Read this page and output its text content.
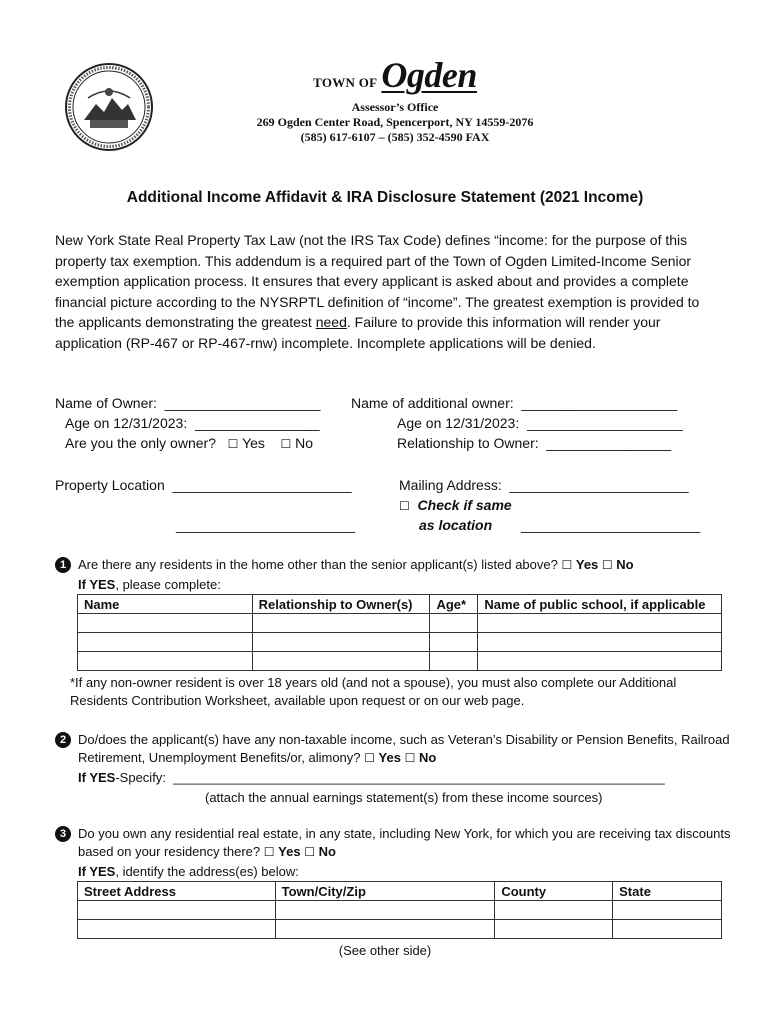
TOWN OF Ogden
Assessor’s Office
269 Ogden Center Road, Spencerport, NY 14559-2076
(585) 617-6107 – (585) 352-4590 FAX
Additional Income Affidavit & IRA Disclosure Statement (2021 Income)
New York State Real Property Tax Law (not the IRS Tax Code) defines “income: for the purpose of this property tax exemption. This addendum is a required part of the Town of Ogden Limited-Income Senior exemption application process. It ensures that every applicant is asked about and provides a complete financial picture according to the NYSRPTL definition of “income”. The greatest exemption is provided to the applicants demonstrating the greatest need. Failure to provide this information will render your application (RP-467 or RP-467-rnw) incomplete. Incomplete applications will be denied.
Name of Owner:  ____________________
Age on 12/31/2023:  ________________
Are you the only owner? ☐ Yes ☐ No
Name of additional owner:  ____________________
Age on 12/31/2023:  ____________________
Relationship to Owner:  ________________
Property Location  _______________________
_______________________
Mailing Address:  _______________________
☐ Check if same
as location _______________________
1 Are there any residents in the home other than the senior applicant(s) listed above? ☐ Yes ☐ No
If YES, please complete:
Name	Relationship to Owner(s)	Age*	Name of public school, if applicable

*If any non-owner resident is over 18 years old (and not a spouse), you must also complete our Additional Residents Contribution Worksheet, available upon request or on our web page.
2 Do/does the applicant(s) have any non-taxable income, such as Veteran’s Disability or Pension Benefits, Railroad Retirement, Unemployment Benefits/or, alimony? ☐ Yes ☐ No
If YES-Specify:  ____________________________________________________________________
(attach the annual earnings statement(s) from these income sources)
3 Do you own any residential real estate, in any state, including New York, for which you are receiving tax discounts based on your residency there? ☐ Yes ☐ No
If YES, identify the address(es) below:
Street Address	Town/City/Zip	County	State

(See other side)
